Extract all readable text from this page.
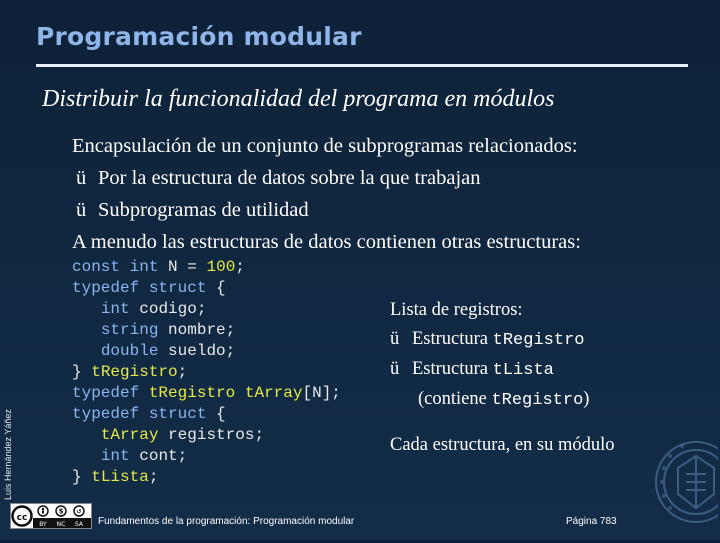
Programación modular
Distribuir la funcionalidad del programa en módulos
Encapsulación de un conjunto de subprogramas relacionados:
ü Por la estructura de datos sobre la que trabajan
ü Subprogramas de utilidad
A menudo las estructuras de datos contienen otras estructuras:
const int N = 100;
typedef struct {
int codigo;
string nombre;
double sueldo;
} tRegistro;
typedef tRegistro tArray[N];
typedef struct {
tArray registros;
int cont;
} tLista;
Lista de registros:
ü Estructura tRegistro
ü Estructura tLista
(contiene tRegistro)
Cada estructura, en su módulo
Luis Hernández Yáñez
cc
$ ↺
BY NC SA Fundamentos de la programación: Programación modular	Página 783
